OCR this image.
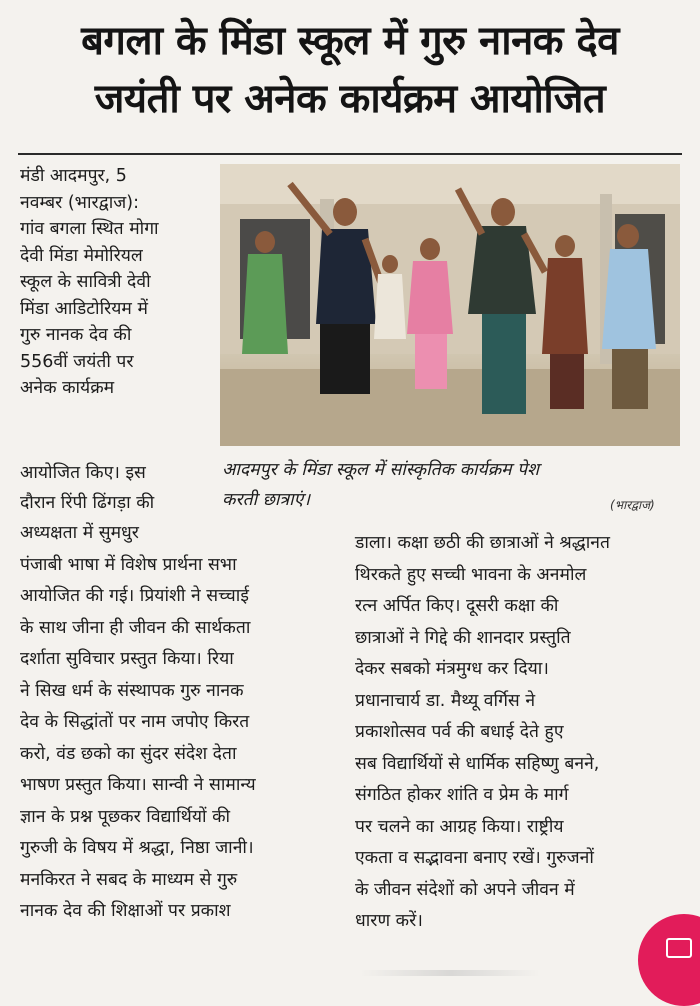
बगला के मिंडा स्कूल में गुरु नानक देव
जयंती पर अनेक कार्यक्रम आयोजित
मंडी आदमपुर, 5
नवम्बर (भारद्वाज):
गांव बगला स्थित मोगा
देवी मिंडा मेमोरियल
स्कूल के सावित्री देवी
मिंडा आडिटोरियम में
गुरु नानक देव की
556वीं जयंती पर
अनेक कार्यक्रम
आयोजित किए। इस
दौरान रिंपी ढिंगड़ा की
आदमपुर के मिंडा स्कूल में सांस्कृतिक कार्यक्रम पेश
करती छात्राएं।	(भारद्वाज)
अध्यक्षता में सुमधुर
पंजाबी भाषा में विशेष प्रार्थना सभा
आयोजित की गई। प्रियांशी ने सच्चाई
के साथ जीना ही जीवन की सार्थकता
दर्शाता सुविचार प्रस्तुत किया। रिया
ने सिख धर्म के संस्थापक गुरु नानक
देव के सिद्धांतों पर नाम जपोए किरत
करो, वंड छको का सुंदर संदेश देता
भाषण प्रस्तुत किया। सान्वी ने सामान्य
ज्ञान के प्रश्न पूछकर विद्यार्थियों की
गुरुजी के विषय में श्रद्धा, निष्ठा जानी।
मनकिरत ने सबद के माध्यम से गुरु
नानक देव की शिक्षाओं पर प्रकाश
डाला। कक्षा छठी की छात्राओं ने श्रद्धानत
थिरकते हुए सच्ची भावना के अनमोल
रत्न अर्पित किए। दूसरी कक्षा की
छात्राओं ने गिद्दे की शानदार प्रस्तुति
देकर सबको मंत्रमुग्ध कर दिया।
प्रधानाचार्य डा. मैथ्यू वर्गिस ने
प्रकाशोत्सव पर्व की बधाई देते हुए
सब विद्यार्थियों से धार्मिक सहिष्णु बनने,
संगठित होकर शांति व प्रेम के मार्ग
पर चलने का आग्रह किया। राष्ट्रीय
एकता व सद्भावना बनाए रखें। गुरुजनों
के जीवन संदेशों को अपने जीवन में
धारण करें।
